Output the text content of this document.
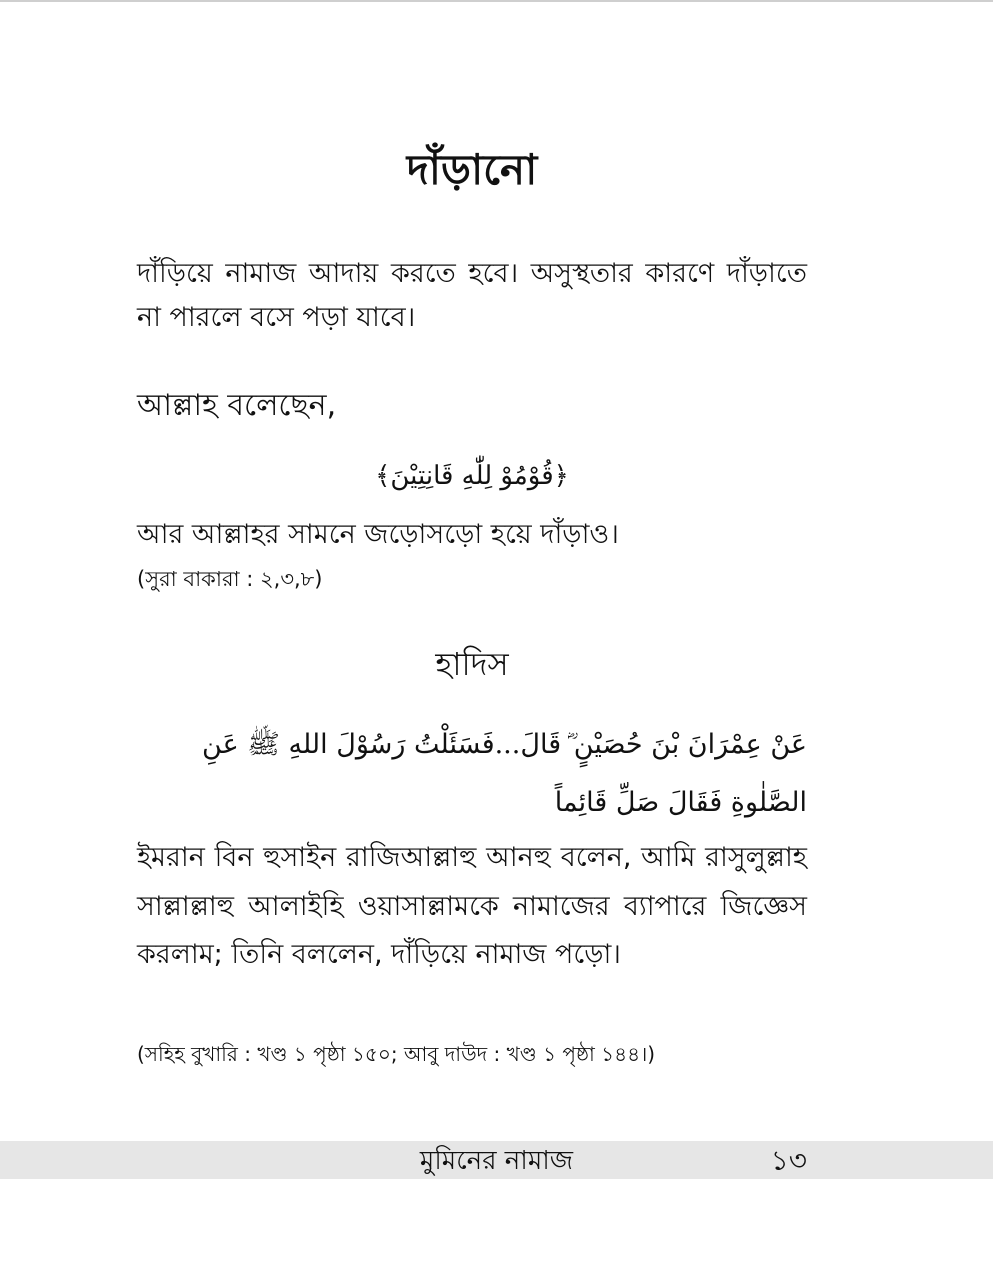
দাঁড়ানো

দাঁড়িয়ে নামাজ আদায় করতে হবে। অসুস্থতার কারণে দাঁড়াতে না পারলে বসে পড়া যাবে।

আল্লাহ বলেছেন,
﴿قُوْمُوْ لِلّٰهِ قَانِتِيْنَ﴾
আর আল্লাহর সামনে জড়োসড়ো হয়ে দাঁড়াও।
(সুরা বাকারা : ২,৩,৮)
হাদিস
عَنْ عِمْرَانَ بْنَ حُصَيْنٍ ؓ قَالَ...فَسَئَلْتُ رَسُوْلَ اللهِ ﷺ عَنِ الصَّلٰوةِ فَقَالَ صَلِّ قَائِماً

ইমরান বিন হুসাইন রাজিআল্লাহু আনহু বলেন, আমি রাসুলুল্লাহ সাল্লাল্লাহু আলাইহি ওয়াসাল্লামকে নামাজের ব্যাপারে জিজ্ঞেস করলাম; তিনি বললেন, দাঁড়িয়ে নামাজ পড়ো।

(সহিহ বুখারি : খণ্ড ১ পৃষ্ঠা ১৫০; আবু দাউদ : খণ্ড ১ পৃষ্ঠা ১৪৪।)
মুমিনের নামাজ	১৩
